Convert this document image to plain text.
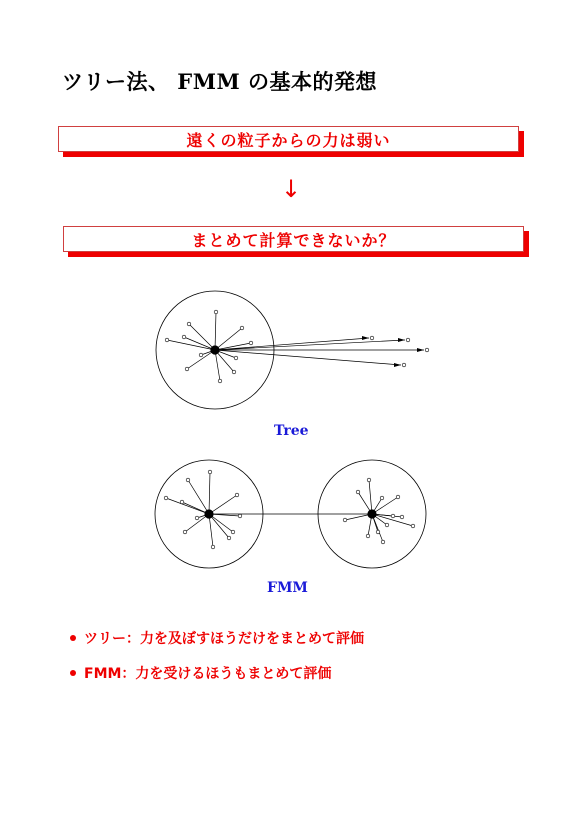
ツリー法、 FMM の基本的発想
遠くの粒子からの力は弱い
↓
まとめて計算できないか？
Tree
FMM
ツリー：力を及ぼすほうだけをまとめて評価
FMM：力を受けるほうもまとめて評価
